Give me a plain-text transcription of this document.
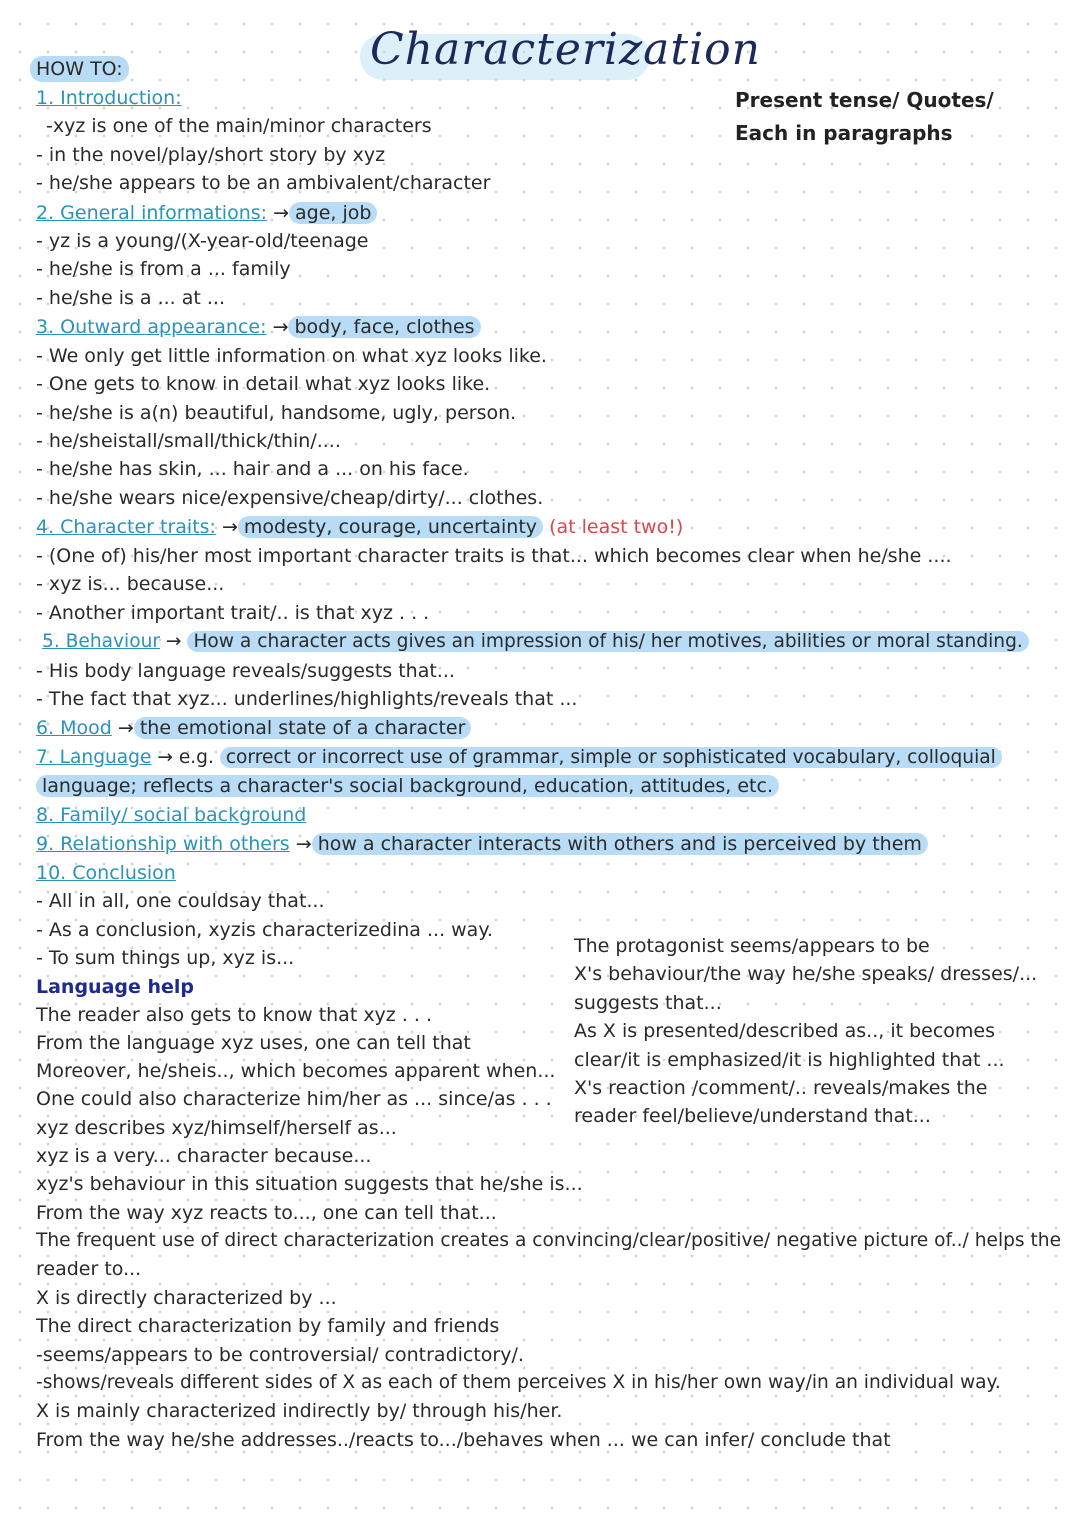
Characterization
HOW TO:
Present tense/ Quotes/
Each in paragraphs
1. Introduction:
-xyz is one of the main/minor characters
- in the novel/play/short story by xyz
- he/she appears to be an ambivalent/character
2. General informations: → age, job
- yz is a young/(X-year-old/teenage
- he/she is from a ... family
- he/she is a ... at ...
3. Outward appearance: → body, face, clothes
- We only get little information on what xyz looks like.
- One gets to know in detail what xyz looks like.
- he/she is a(n) beautiful, handsome, ugly, person.
- he/sheistall/small/thick/thin/....
- he/she has skin, ... hair and a ... on his face.
- he/she wears nice/expensive/cheap/dirty/... clothes.
4. Character traits: → modesty, courage, uncertainty (at least two!)
- (One of) his/her most important character traits is that... which becomes clear when he/she ....
- xyz is... because...
- Another important trait/.. is that xyz . . .
5. Behaviour → How a character acts gives an impression of his/ her motives, abilities or moral standing.
- His body language reveals/suggests that...
- The fact that xyz... underlines/highlights/reveals that ...
6. Mood → the emotional state of a character
7. Language → e.g. correct or incorrect use of grammar, simple or sophisticated vocabulary, colloquial
language; reflects a character's social background, education, attitudes, etc.
8. Family/ social background
9. Relationship with others → how a character interacts with others and is perceived by them
10. Conclusion
- All in all, one couldsay that...
- As a conclusion, xyzis characterizedina ... way.
- To sum things up, xyz is...
Language help
The reader also gets to know that xyz . . .
From the language xyz uses, one can tell that
Moreover, he/sheis.., which becomes apparent when...
One could also characterize him/her as ... since/as . . .
xyz describes xyz/himself/herself as...
xyz is a very... character because...
xyz's behaviour in this situation suggests that he/she is...
From the way xyz reacts to..., one can tell that...
The frequent use of direct characterization creates a convincing/clear/positive/ negative picture of../ helps the
reader to...
X is directly characterized by ...
The direct characterization by family and friends
-seems/appears to be controversial/ contradictory/.
-shows/reveals different sides of X as each of them perceives X in his/her own way/in an individual way.
X is mainly characterized indirectly by/ through his/her.
From the way he/she addresses../reacts to.../behaves when ... we can infer/ conclude that
The protagonist seems/appears to be
X's behaviour/the way he/she speaks/ dresses/...
suggests that...
As X is presented/described as.., it becomes
clear/it is emphasized/it is highlighted that ...
X's reaction /comment/.. reveals/makes the
reader feel/believe/understand that...
